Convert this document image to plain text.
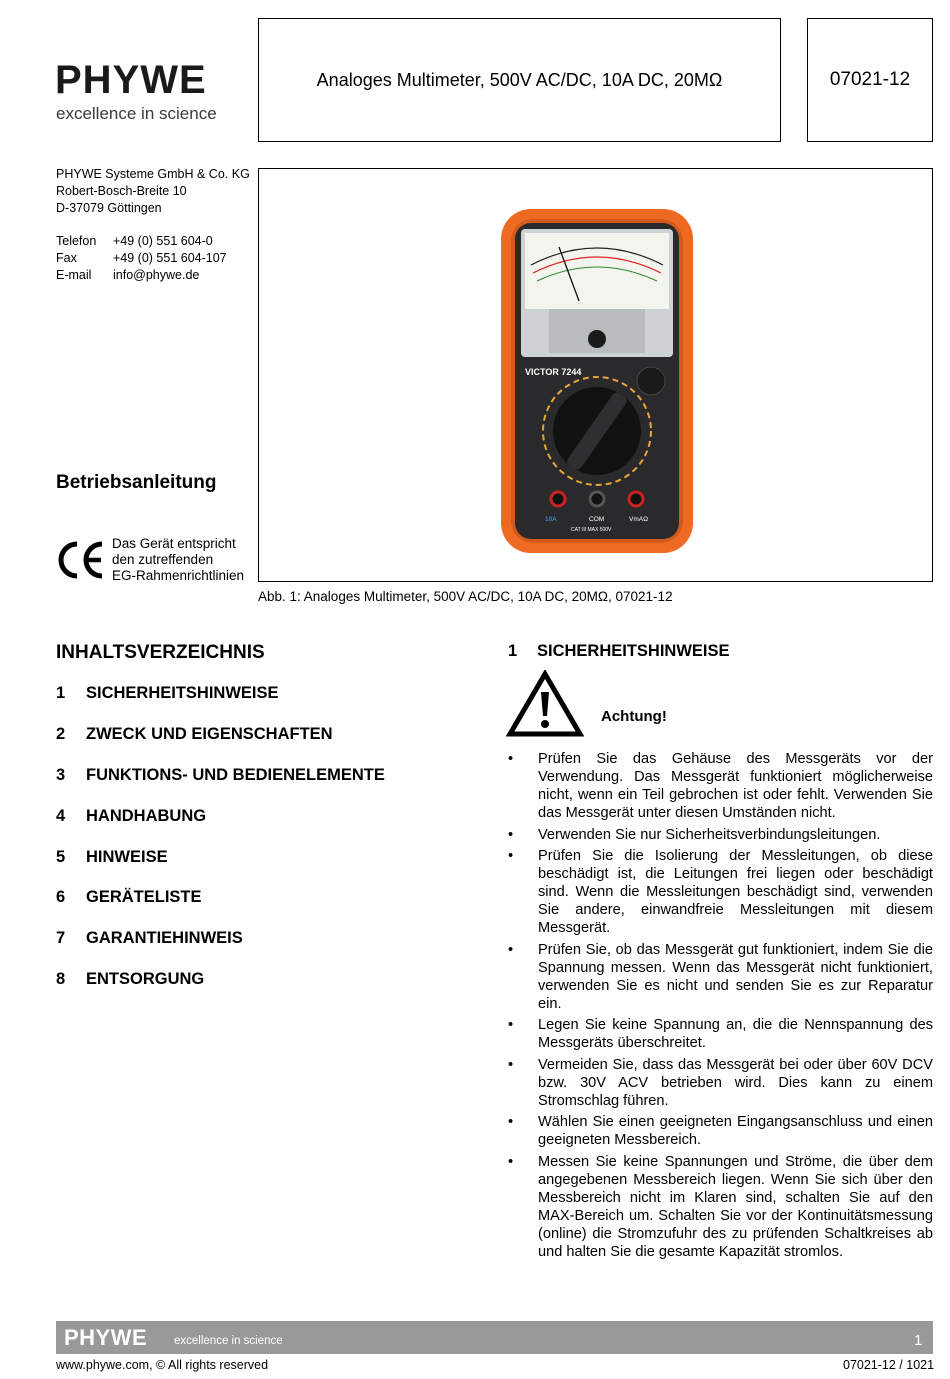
PHYWE
excellence in science
Analoges Multimeter, 500V AC/DC, 10A DC, 20MΩ	07021-12
PHYWE Systeme GmbH & Co. KG
Robert-Bosch-Breite 10
D-37079 Göttingen
Telefon	+49 (0) 551 604-0
Fax	+49 (0) 551 604-107
E-mail	info@phywe.de
Betriebsanleitung
Das Gerät entspricht
den zutreffenden
EG-Rahmenrichtlinien
VICTOR 7244
10A	COM	VmAΩ
CAT III MAX 500V
Abb. 1: Analoges Multimeter, 500V AC/DC, 10A DC, 20MΩ, 07021-12
INHALTSVERZEICHNIS
1	SICHERHEITSHINWEISE
2	ZWECK UND EIGENSCHAFTEN
3	FUNKTIONS- UND BEDIENELEMENTE
4	HANDHABUNG
5	HINWEISE
6	GERÄTELISTE
7	GARANTIEHINWEIS
8	ENTSORGUNG
1	SICHERHEITSHINWEISE
Achtung!
• Prüfen Sie das Gehäuse des Messgeräts vor der Verwendung. Das Messgerät funktioniert möglicherweise nicht, wenn ein Teil gebrochen ist oder fehlt. Verwenden Sie das Messgerät unter diesen Umständen nicht.
• Verwenden Sie nur Sicherheitsverbindungsleitungen.
• Prüfen Sie die Isolierung der Messleitungen, ob diese beschädigt ist, die Leitungen frei liegen oder beschädigt sind. Wenn die Messleitungen beschädigt sind, verwenden Sie andere, einwandfreie Messleitungen mit diesem Messgerät.
• Prüfen Sie, ob das Messgerät gut funktioniert, indem Sie die Spannung messen. Wenn das Messgerät nicht funktioniert, verwenden Sie es nicht und senden Sie es zur Reparatur ein.
• Legen Sie keine Spannung an, die die Nennspannung des Messgeräts überschreitet.
• Vermeiden Sie, dass das Messgerät bei oder über 60V DCV bzw. 30V ACV betrieben wird. Dies kann zu einem Stromschlag führen.
• Wählen Sie einen geeigneten Eingangsanschluss und einen geeigneten Messbereich.
• Messen Sie keine Spannungen und Ströme, die über dem angegebenen Messbereich liegen. Wenn Sie sich über den Messbereich nicht im Klaren sind, schalten Sie auf den MAX-Bereich um. Schalten Sie vor der Kontinuitätsmessung (online) die Stromzufuhr des zu prüfenden Schaltkreises ab und halten Sie die gesamte Kapazität stromlos.
PHYWE excellence in science	1
www.phywe.com, © All rights reserved	07021-12 / 1021
